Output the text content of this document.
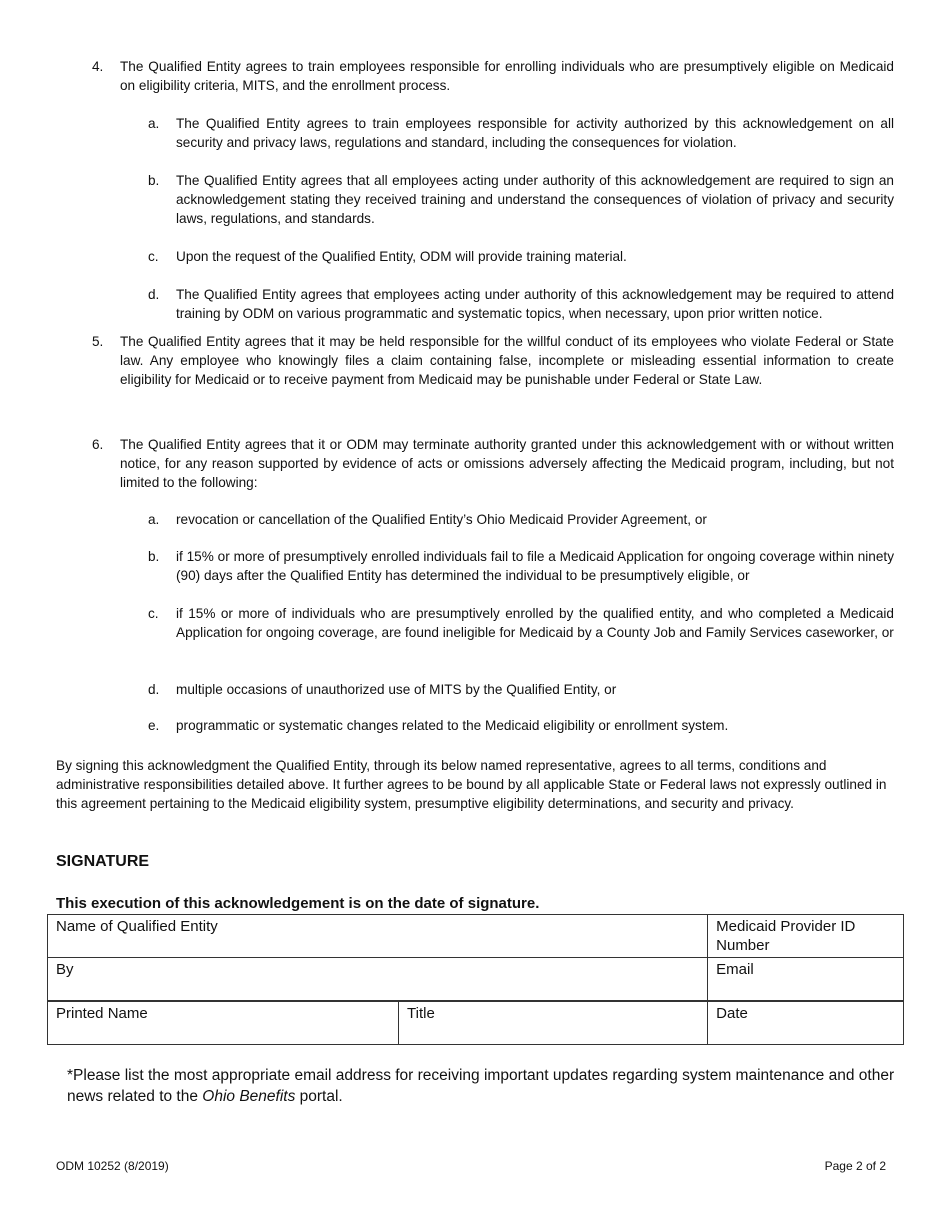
4. The Qualified Entity agrees to train employees responsible for enrolling individuals who are presumptively eligible on Medicaid on eligibility criteria, MITS, and the enrollment process.
a. The Qualified Entity agrees to train employees responsible for activity authorized by this acknowledgement on all security and privacy laws, regulations and standard, including the consequences for violation.
b. The Qualified Entity agrees that all employees acting under authority of this acknowledgement are required to sign an acknowledgement stating they received training and understand the consequences of violation of privacy and security laws, regulations, and standards.
c. Upon the request of the Qualified Entity, ODM will provide training material.
d. The Qualified Entity agrees that employees acting under authority of this acknowledgement may be required to attend training by ODM on various programmatic and systematic topics, when necessary, upon prior written notice.
5. The Qualified Entity agrees that it may be held responsible for the willful conduct of its employees who violate Federal or State law. Any employee who knowingly files a claim containing false, incomplete or misleading essential information to create eligibility for Medicaid or to receive payment from Medicaid may be punishable under Federal or State Law.
6. The Qualified Entity agrees that it or ODM may terminate authority granted under this acknowledgement with or without written notice, for any reason supported by evidence of acts or omissions adversely affecting the Medicaid program, including, but not limited to the following:
a. revocation or cancellation of the Qualified Entity’s Ohio Medicaid Provider Agreement, or
b. if 15% or more of presumptively enrolled individuals fail to file a Medicaid Application for ongoing coverage within ninety (90) days after the Qualified Entity has determined the individual to be presumptively eligible, or
c. if 15% or more of individuals who are presumptively enrolled by the qualified entity, and who completed a Medicaid Application for ongoing coverage, are found ineligible for Medicaid by a County Job and Family Services caseworker, or
d. multiple occasions of unauthorized use of MITS by the Qualified Entity, or
e. programmatic or systematic changes related to the Medicaid eligibility or enrollment system.
By signing this acknowledgment the Qualified Entity, through its below named representative, agrees to all terms, conditions and administrative responsibilities detailed above. It further agrees to be bound by all applicable State or Federal laws not expressly outlined in this agreement pertaining to the Medicaid eligibility system, presumptive eligibility determinations, and security and privacy.
SIGNATURE
This execution of this acknowledgement is on the date of signature.
Name of Qualified Entity		Medicaid Provider ID Number
By		Email
Printed Name	Title	Date
*Please list the most appropriate email address for receiving important updates regarding system maintenance and other news related to the Ohio Benefits portal.
ODM 10252 (8/2019)	Page 2 of 2
